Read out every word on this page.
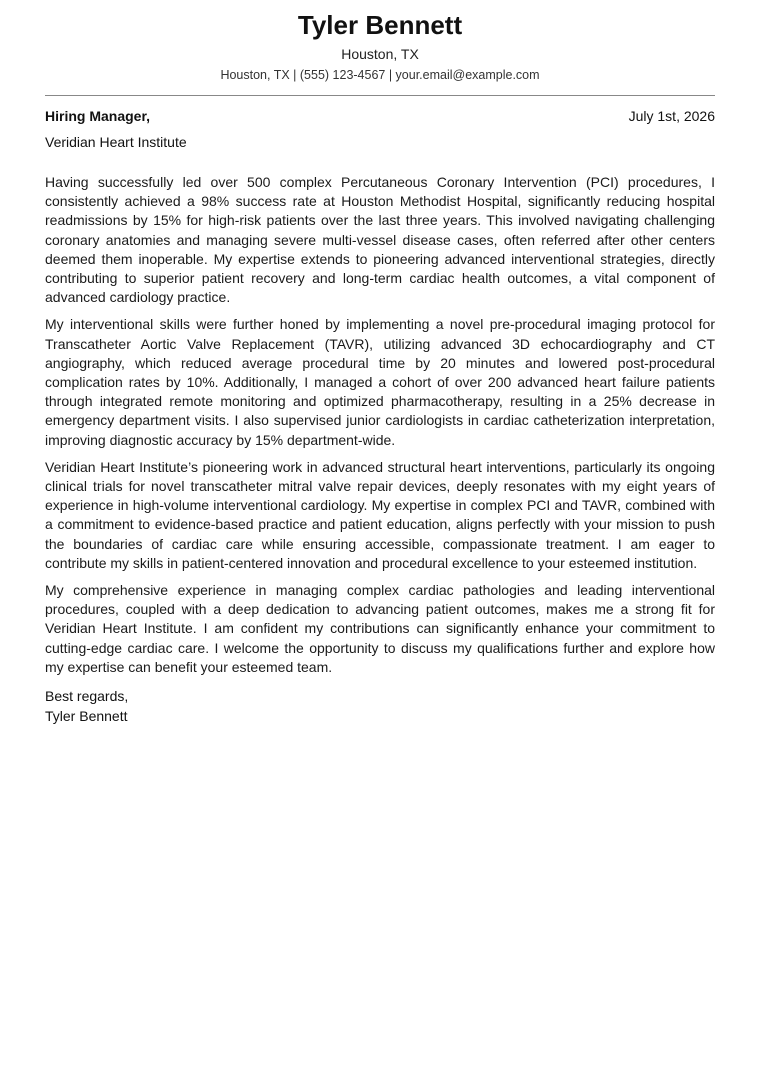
Tyler Bennett
Houston, TX
Houston, TX | (555) 123-4567 | your.email@example.com
Hiring Manager,	July 1st, 2026
Veridian Heart Institute

Having successfully led over 500 complex Percutaneous Coronary Intervention (PCI) procedures, I consistently achieved a 98% success rate at Houston Methodist Hospital, significantly reducing hospital readmissions by 15% for high-risk patients over the last three years. This involved navigating challenging coronary anatomies and managing severe multi-vessel disease cases, often referred after other centers deemed them inoperable. My expertise extends to pioneering advanced interventional strategies, directly contributing to superior patient recovery and long-term cardiac health outcomes, a vital component of advanced cardiology practice.

My interventional skills were further honed by implementing a novel pre-procedural imaging protocol for Transcatheter Aortic Valve Replacement (TAVR), utilizing advanced 3D echocardiography and CT angiography, which reduced average procedural time by 20 minutes and lowered post-procedural complication rates by 10%. Additionally, I managed a cohort of over 200 advanced heart failure patients through integrated remote monitoring and optimized pharmacotherapy, resulting in a 25% decrease in emergency department visits. I also supervised junior cardiologists in cardiac catheterization interpretation, improving diagnostic accuracy by 15% department-wide.

Veridian Heart Institute’s pioneering work in advanced structural heart interventions, particularly its ongoing clinical trials for novel transcatheter mitral valve repair devices, deeply resonates with my eight years of experience in high-volume interventional cardiology. My expertise in complex PCI and TAVR, combined with a commitment to evidence-based practice and patient education, aligns perfectly with your mission to push the boundaries of cardiac care while ensuring accessible, compassionate treatment. I am eager to contribute my skills in patient-centered innovation and procedural excellence to your esteemed institution.

My comprehensive experience in managing complex cardiac pathologies and leading interventional procedures, coupled with a deep dedication to advancing patient outcomes, makes me a strong fit for Veridian Heart Institute. I am confident my contributions can significantly enhance your commitment to cutting-edge cardiac care. I welcome the opportunity to discuss my qualifications further and explore how my expertise can benefit your esteemed team.

Best regards,
Tyler Bennett
